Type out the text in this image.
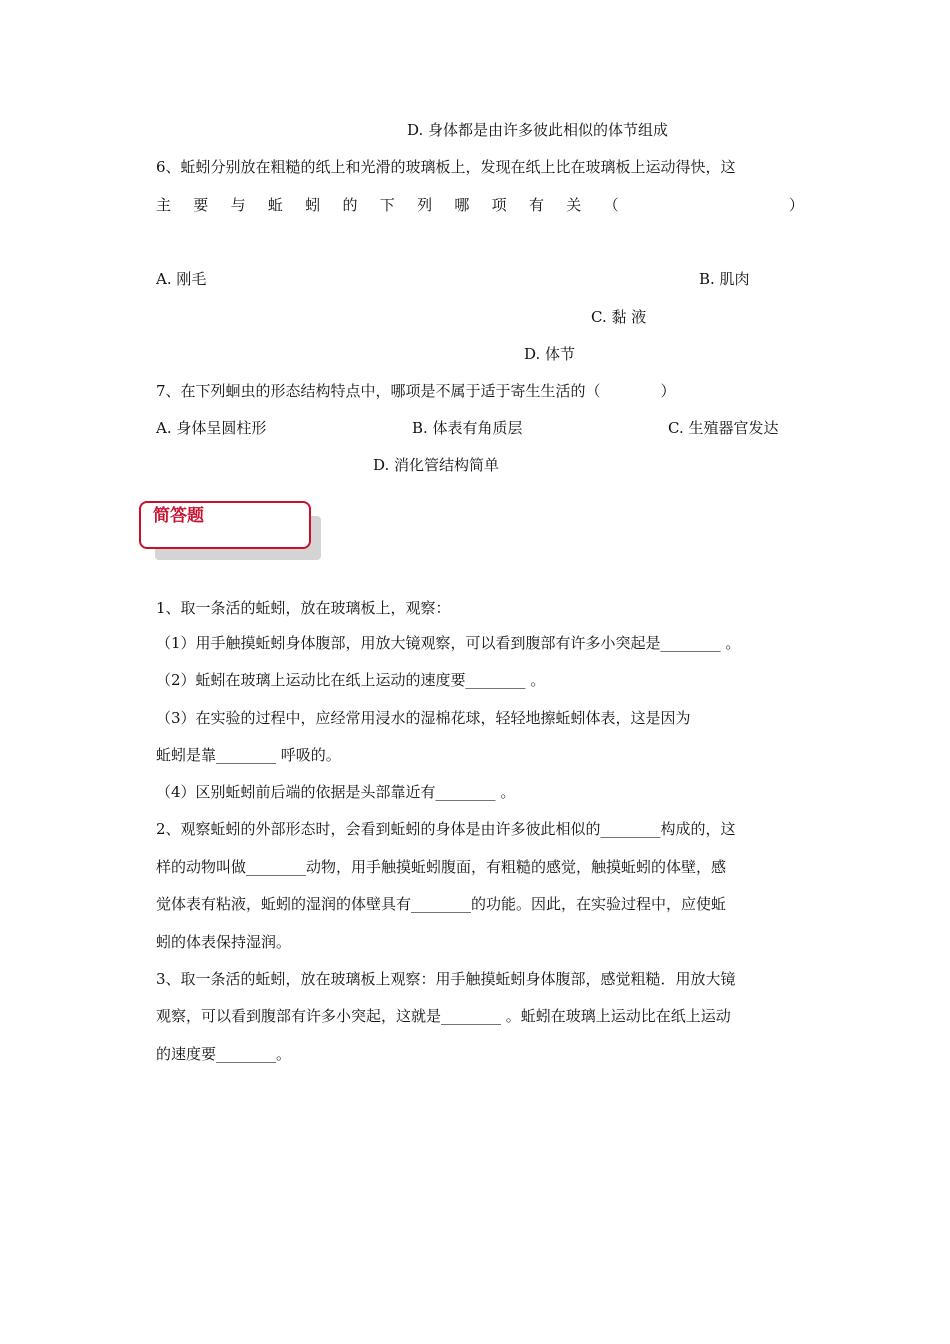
D. 身体都是由许多彼此相似的体节组成
6、蚯蚓分别放在粗糙的纸上和光滑的玻璃板上，发现在纸上比在玻璃板上运动得快，这
主 要 与 蚯 蚓 的 下 列 哪 项 有 关 （	）
A. 刚毛	B. 肌肉
C. 黏 液
D. 体节
7、在下列蛔虫的形态结构特点中，哪项是不属于适于寄生生活的（　　　　）
A. 身体呈圆柱形	B. 体表有角质层	C. 生殖器官发达
D. 消化管结构简单
简答题
1、取一条活的蚯蚓，放在玻璃板上，观察：
（1）用手触摸蚯蚓身体腹部，用放大镜观察，可以看到腹部有许多小突起是________ 。
（2）蚯蚓在玻璃上运动比在纸上运动的速度要________ 。
（3）在实验的过程中，应经常用浸水的湿棉花球，轻轻地擦蚯蚓体表，这是因为
蚯蚓是靠________ 呼吸的。
（4）区别蚯蚓前后端的依据是头部靠近有________ 。
2、观察蚯蚓的外部形态时，会看到蚯蚓的身体是由许多彼此相似的________构成的，这
样的动物叫做________动物，用手触摸蚯蚓腹面，有粗糙的感觉，触摸蚯蚓的体壁，感
觉体表有粘液，蚯蚓的湿润的体壁具有________的功能。因此，在实验过程中，应使蚯
蚓的体表保持湿润。
3、取一条活的蚯蚓，放在玻璃板上观察：用手触摸蚯蚓身体腹部，感觉粗糙．用放大镜
观察，可以看到腹部有许多小突起，这就是________ 。蚯蚓在玻璃上运动比在纸上运动
的速度要________。
